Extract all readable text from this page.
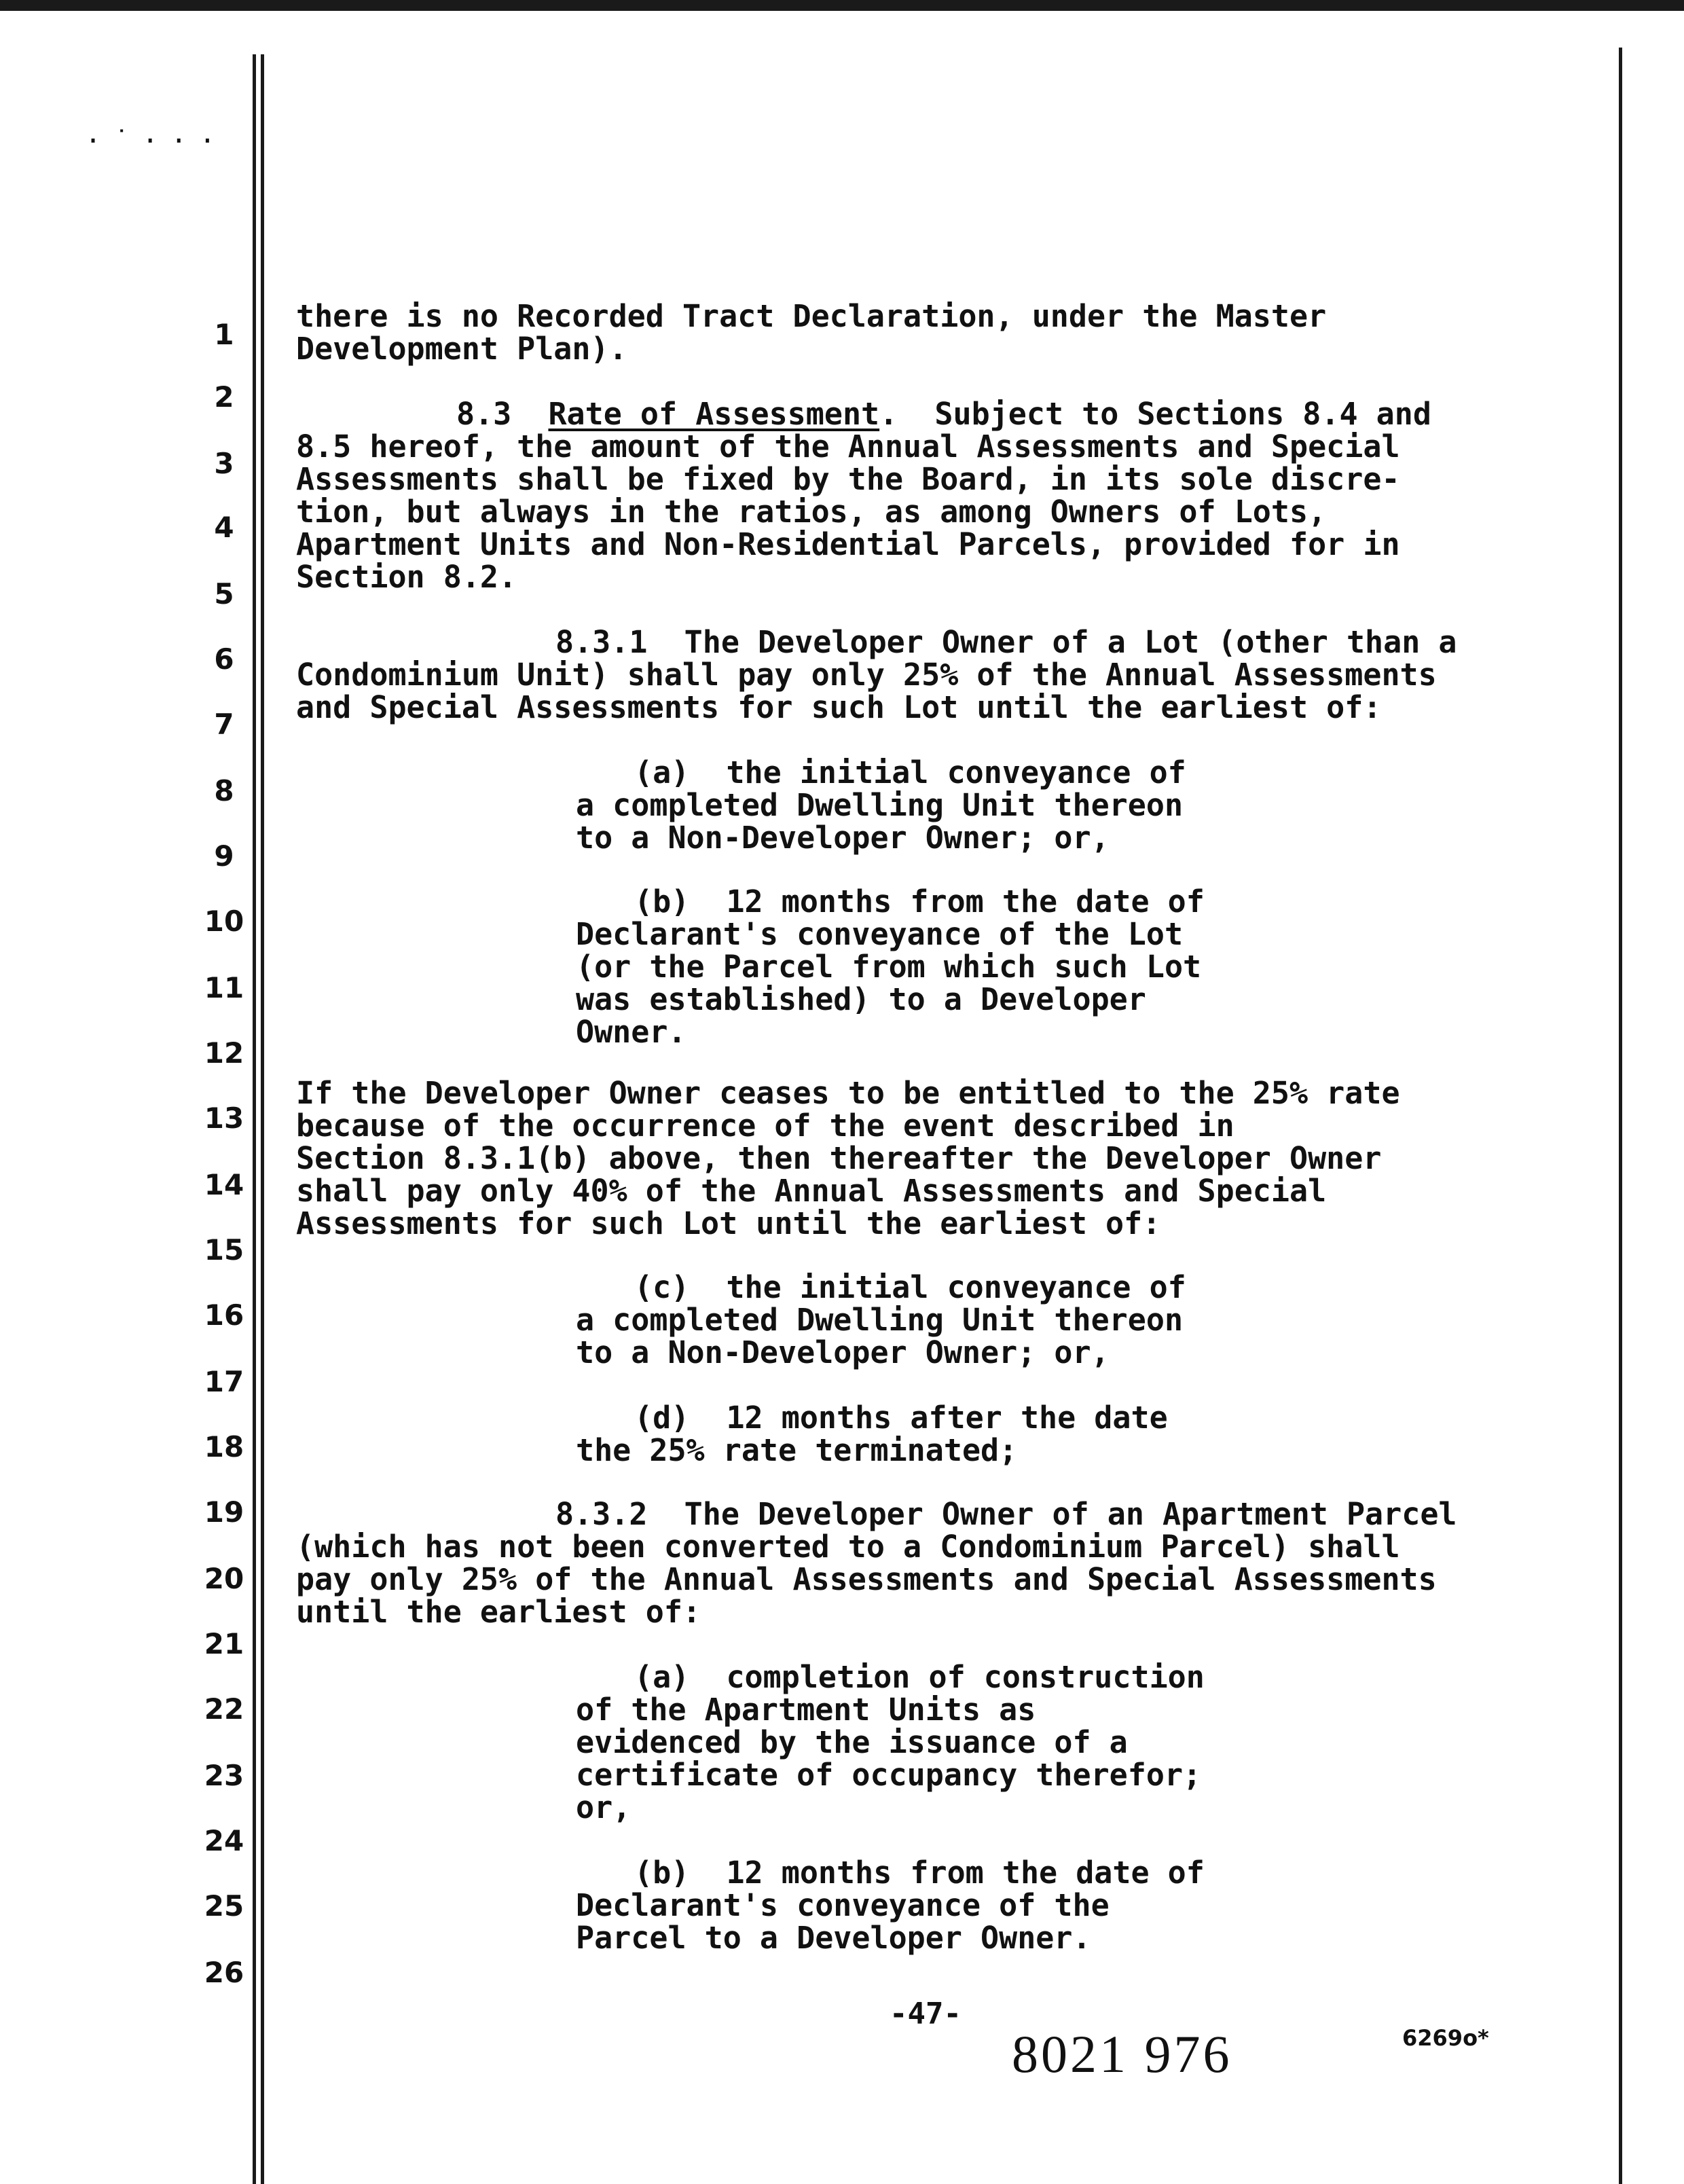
·˙···
1
2
3
4
5
6
7
8
9
10
11
12
13
14
15
16
17
18
19
20
21
22
23
24
25
26
there is no Recorded Tract Declaration, under the Master
Development Plan).
8.3 Rate of Assessment.  Subject to Sections 8.4 and
8.5 hereof, the amount of the Annual Assessments and Special
Assessments shall be fixed by the Board, in its sole discre-
tion, but always in the ratios, as among Owners of Lots,
Apartment Units and Non-Residential Parcels, provided for in
Section 8.2.
8.3.1  The Developer Owner of a Lot (other than a
Condominium Unit) shall pay only 25% of the Annual Assessments
and Special Assessments for such Lot until the earliest of:
(a)  the initial conveyance of
a completed Dwelling Unit thereon
to a Non-Developer Owner; or,
(b)  12 months from the date of
Declarant's conveyance of the Lot
(or the Parcel from which such Lot
was established) to a Developer
Owner.
If the Developer Owner ceases to be entitled to the 25% rate
because of the occurrence of the event described in
Section 8.3.1(b) above, then thereafter the Developer Owner
shall pay only 40% of the Annual Assessments and Special
Assessments for such Lot until the earliest of:
(c)  the initial conveyance of
a completed Dwelling Unit thereon
to a Non-Developer Owner; or,
(d)  12 months after the date
the 25% rate terminated;
8.3.2  The Developer Owner of an Apartment Parcel
(which has not been converted to a Condominium Parcel) shall
pay only 25% of the Annual Assessments and Special Assessments
until the earliest of:
(a)  completion of construction
of the Apartment Units as
evidenced by the issuance of a
certificate of occupancy therefor;
or,
(b)  12 months from the date of
Declarant's conveyance of the
Parcel to a Developer Owner.
-47-
8021 976	6269o*
